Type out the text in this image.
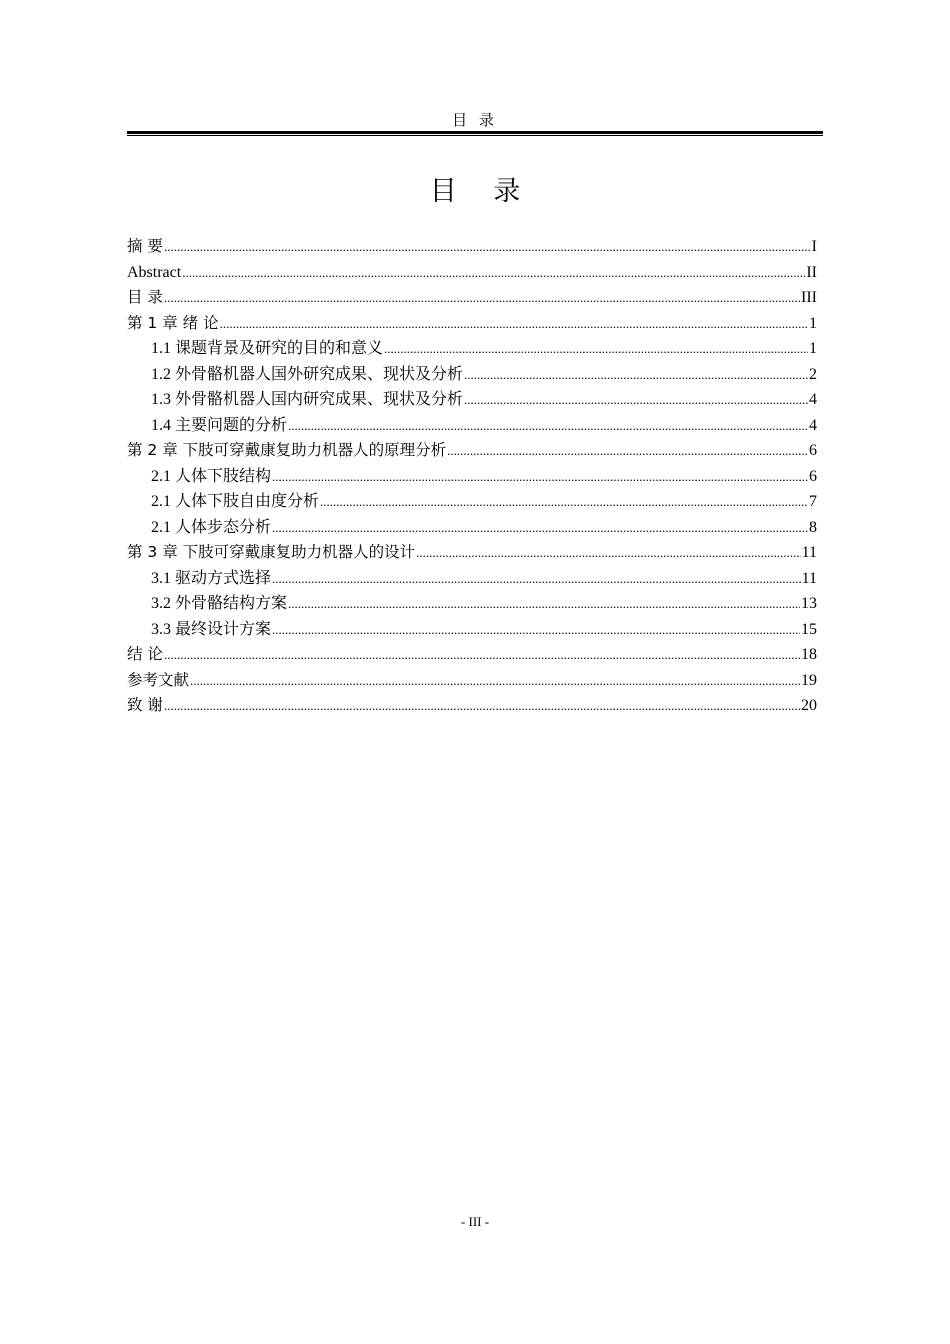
目 录
目 录
摘 要 .....	I
Abstract .....	II
目 录 .....	III
第 1 章 绪 论 .....	1
1.1 课题背景及研究的目的和意义 .....	1
1.2 外骨骼机器人国外研究成果、现状及分析 .....	2
1.3 外骨骼机器人国内研究成果、现状及分析 .....	4
1.4 主要问题的分析 .....	4
第 2 章 下肢可穿戴康复助力机器人的原理分析 .....	6
2.1 人体下肢结构 .....	6
2.1 人体下肢自由度分析 .....	7
2.1 人体步态分析 .....	8
第 3 章 下肢可穿戴康复助力机器人的设计 .....	11
3.1 驱动方式选择 .....	11
3.2 外骨骼结构方案 .....	13
3.3 最终设计方案 .....	15
结 论 .....	18
参考文献 .....	19
致 谢 .....	20
- III -
